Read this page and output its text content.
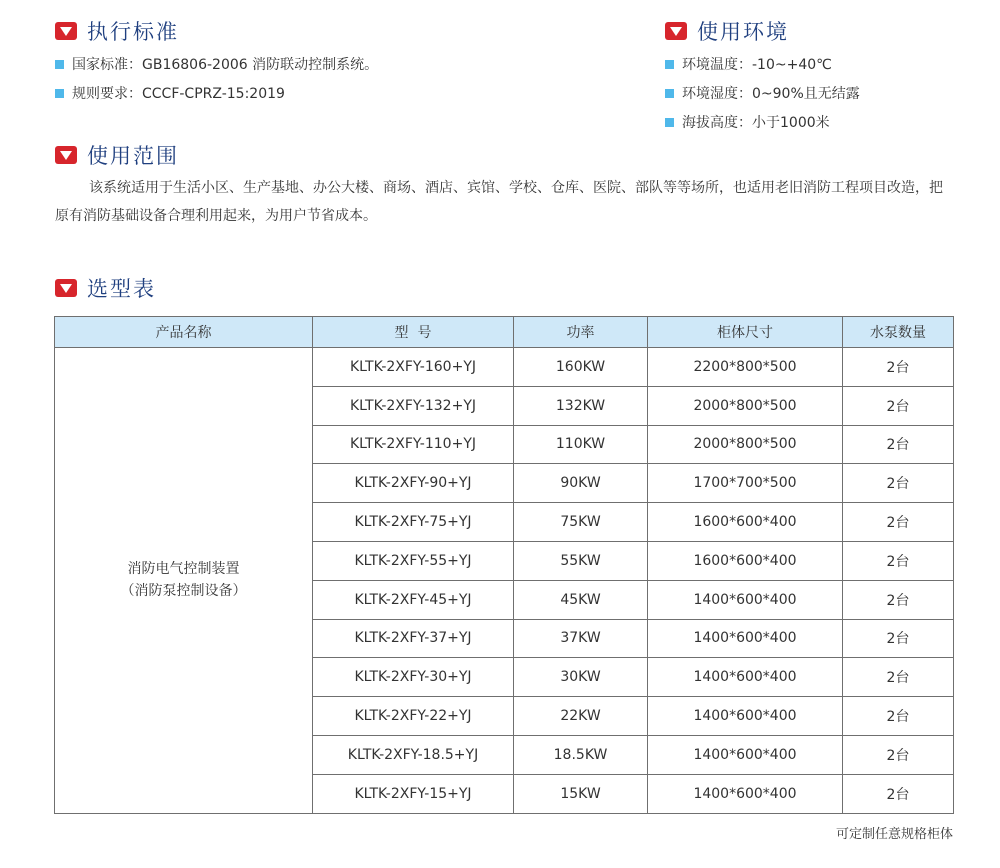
执行标准
国家标准：GB16806-2006 消防联动控制系统。
规则要求：CCCF-CPRZ-15:2019
使用环境
环境温度：-10~+40℃
环境湿度：0~90%且无结露
海拔高度：小于1000米
使用范围
该系统适用于生活小区、生产基地、办公大楼、商场、酒店、宾馆、学校、仓库、医院、部队等等场所，也适用老旧消防工程项目改造，把原有消防基础设备合理利用起来，为用户节省成本。
选型表
产品名称	型  号	功率	柜体尺寸	水泵数量

消防电气控制装置
（消防泵控制设备）	KLTK-2XFY-160+YJ	160KW	2200*800*500	2台
	KLTK-2XFY-132+YJ	132KW	2000*800*500	2台
	KLTK-2XFY-110+YJ	110KW	2000*800*500	2台
	KLTK-2XFY-90+YJ	90KW	1700*700*500	2台
	KLTK-2XFY-75+YJ	75KW	1600*600*400	2台
	KLTK-2XFY-55+YJ	55KW	1600*600*400	2台
	KLTK-2XFY-45+YJ	45KW	1400*600*400	2台
	KLTK-2XFY-37+YJ	37KW	1400*600*400	2台
	KLTK-2XFY-30+YJ	30KW	1400*600*400	2台
	KLTK-2XFY-22+YJ	22KW	1400*600*400	2台
	KLTK-2XFY-18.5+YJ	18.5KW	1400*600*400	2台
	KLTK-2XFY-15+YJ	15KW	1400*600*400	2台
可定制任意规格柜体
